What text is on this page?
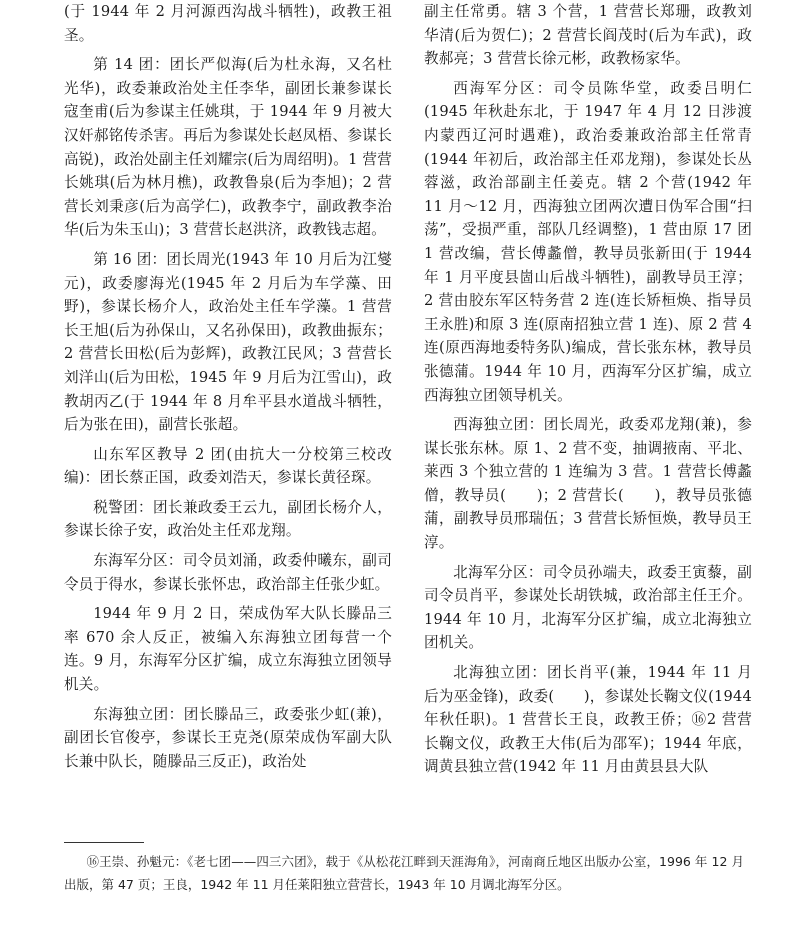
(于 1944 年 2 月河源西沟战斗牺牲)，政教王祖圣。

第 14 团：团长严似海(后为杜永海，又名杜光华)，政委兼政治处主任李华，副团长兼参谋长寇奎甫(后为参谋主任姚琪，于 1944 年 9 月被大汉奸郝铭传杀害。再后为参谋处长赵凤梧、参谋长高锐)，政治处副主任刘耀宗(后为周绍明)。1 营营长姚琪(后为林月樵)，政教鲁泉(后为李旭)；2 营营长刘秉彦(后为高学仁)，政教李宁，副政教李治华(后为朱玉山)；3 营营长赵洪济，政教钱志超。

第 16 团：团长周光(1943 年 10 月后为江燮元)，政委廖海光(1945 年 2 月后为车学藻、田野)，参谋长杨介人，政治处主任车学藻。1 营营长王旭(后为孙保山，又名孙保田)，政教曲振东；2 营营长田松(后为彭辉)，政教江民风；3 营营长刘洋山(后为田松，1945 年 9 月后为江雪山)，政教胡丙乙(于 1944 年 8 月牟平县水道战斗牺牲，后为张在田)，副营长张超。

山东军区教导 2 团(由抗大一分校第三校改编)：团长蔡正国，政委刘浩天，参谋长黄径琛。

税警团：团长兼政委王云九，副团长杨介人，参谋长徐子安，政治处主任邓龙翔。

东海军分区：司令员刘涌，政委仲曦东，副司令员于得水，参谋长张怀忠，政治部主任张少虹。

1944 年 9 月 2 日，荣成伪军大队长滕品三率 670 余人反正，被编入东海独立团每营一个连。9 月，东海军分区扩编，成立东海独立团领导机关。

东海独立团：团长滕品三，政委张少虹(兼)，副团长官俊亭，参谋长王克尧(原荣成伪军副大队长兼中队长，随滕品三反正)，政治处

副主任常勇。辖 3 个营，1 营营长郑珊，政教刘华清(后为贺仁)；2 营营长阎茂时(后为车武)，政教郝亮；3 营营长徐元彬，政教杨家华。

西海军分区：司令员陈华堂，政委吕明仁(1945 年秋赴东北，于 1947 年 4 月 12 日涉渡内蒙西辽河时遇难)，政治委兼政治部主任常青(1944 年初后，政治部主任邓龙翔)，参谋处长丛蓉滋，政治部副主任姜克。辖 2 个营(1942 年 11 月～12 月，西海独立团两次遭日伪军合围“扫荡”，受损严重，部队几经调整)，1 营由原 17 团 1 营改编，营长傅蠡僧，教导员张新田(于 1944 年 1 月平度县崮山后战斗牺牲)，副教导员王淳；2 营由胶东军区特务营 2 连(连长矫桓焕、指导员王永胜)和原 3 连(原南招独立营 1 连)、原 2 营 4 连(原西海地委特务队)编成，营长张东林，教导员张德蒲。1944 年 10 月，西海军分区扩编，成立西海独立团领导机关。

西海独立团：团长周光，政委邓龙翔(兼)，参谋长张东林。原 1、2 营不变，抽调掖南、平北、莱西 3 个独立营的 1 连编为 3 营。1 营营长傅蠡僧，教导员(　　)；2 营营长(　　)，教导员张德蒲，副教导员邢瑞伍；3 营营长矫恒焕，教导员王淳。

北海军分区：司令员孙端夫，政委王寅藜，副司令员肖平，参谋处长胡铁城，政治部主任王介。1944 年 10 月，北海军分区扩编，成立北海独立团机关。

北海独立团：团长肖平(兼，1944 年 11 月后为巫金锋)，政委(　　)，参谋处长鞠文仪(1944 年秋任职)。1 营营长王良，政教王侨；⑯2 营营长鞠文仪，政教王大伟(后为邵军)；1944 年底，调黄县独立营(1942 年 11 月由黄县县大队

⑯王崇、孙魁元：《老七团——四三六团》，载于《从松花江畔到天涯海角》，河南商丘地区出版办公室，1996 年 12 月出版，第 47 页；王良，1942 年 11 月任莱阳独立营营长，1943 年 10 月调北海军分区。
